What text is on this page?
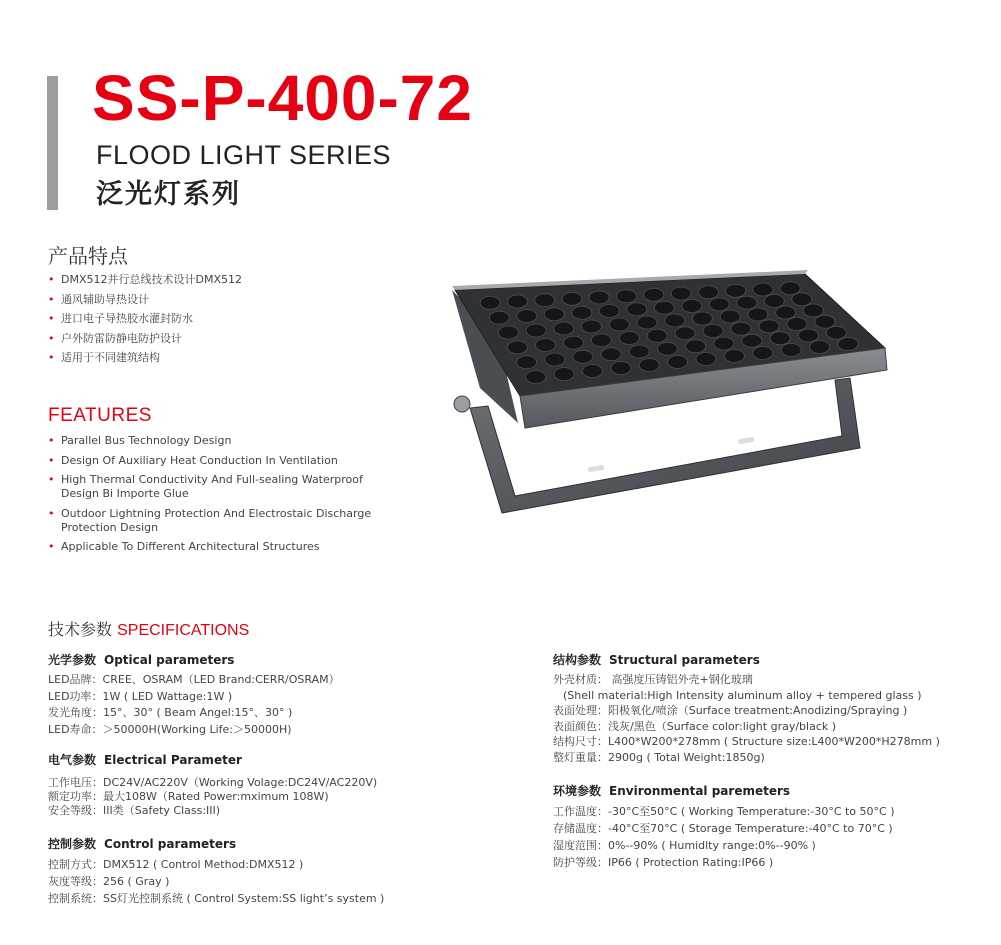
SS-P-400-72
FLOOD LIGHT SERIES
泛光灯系列
产品特点
• DMX512并行总线技术设计DMX512
• 通风辅助导热设计
• 进口电子导热胶水灌封防水
• 户外防雷防静电防护设计
• 适用于不同建筑结构
FEATURES
• Parallel Bus Technology Design
• Design Of Auxiliary Heat Conduction In Ventilation
• High Thermal Conductivity And Full-sealing Waterproof Design Bi Importe Glue
• Outdoor Lightning Protection And Electrostaic Discharge Protection Design
• Applicable To Different Architectural Structures
技术参数 SPECIFICATIONS
光学参数 Optical parameters
LED品牌：CREE、OSRAM（LED Brand:CERR/OSRAM）
LED功率：1W ( LED Wattage:1W )
发光角度：15°、30° ( Beam Angel:15°、30° )
LED寿命：＞50000H(Working Life:＞50000H)
电气参数 Electrical Parameter
工作电压：DC24V/AC220V（Working Volage:DC24V/AC220V)
额定功率：最大108W（Rated Power:mximum 108W)
安全等级：III类（Safety Class:III)
控制参数 Control parameters
控制方式：DMX512 ( Control Method:DMX512 )
灰度等级：256 ( Gray )
控制系统：SS灯光控制系统 ( Control System:SS light’s system )
结构参数 Structural parameters
外壳材质： 高强度压铸铝外壳+钢化玻璃
(Shell material:High Intensity aluminum alloy + tempered glass )
表面处理：阳极氧化/喷涂（Surface treatment:Anodizing/Spraying )
表面颜色：浅灰/黑色（Surface color:light gray/black )
结构尺寸：L400*W200*278mm ( Structure size:L400*W200*H278mm )
整灯重量：2900g ( Total Weight:1850g)
环境参数 Environmental paremeters
工作温度：-30°C至50°C ( Working Temperature:-30°C to 50°C )
存储温度：-40°C至70°C ( Storage Temperature:-40°C to 70°C )
湿度范围：0%--90% ( Humidlty range:0%--90% )
防护等级：IP66 ( Protection Rating:IP66 )
